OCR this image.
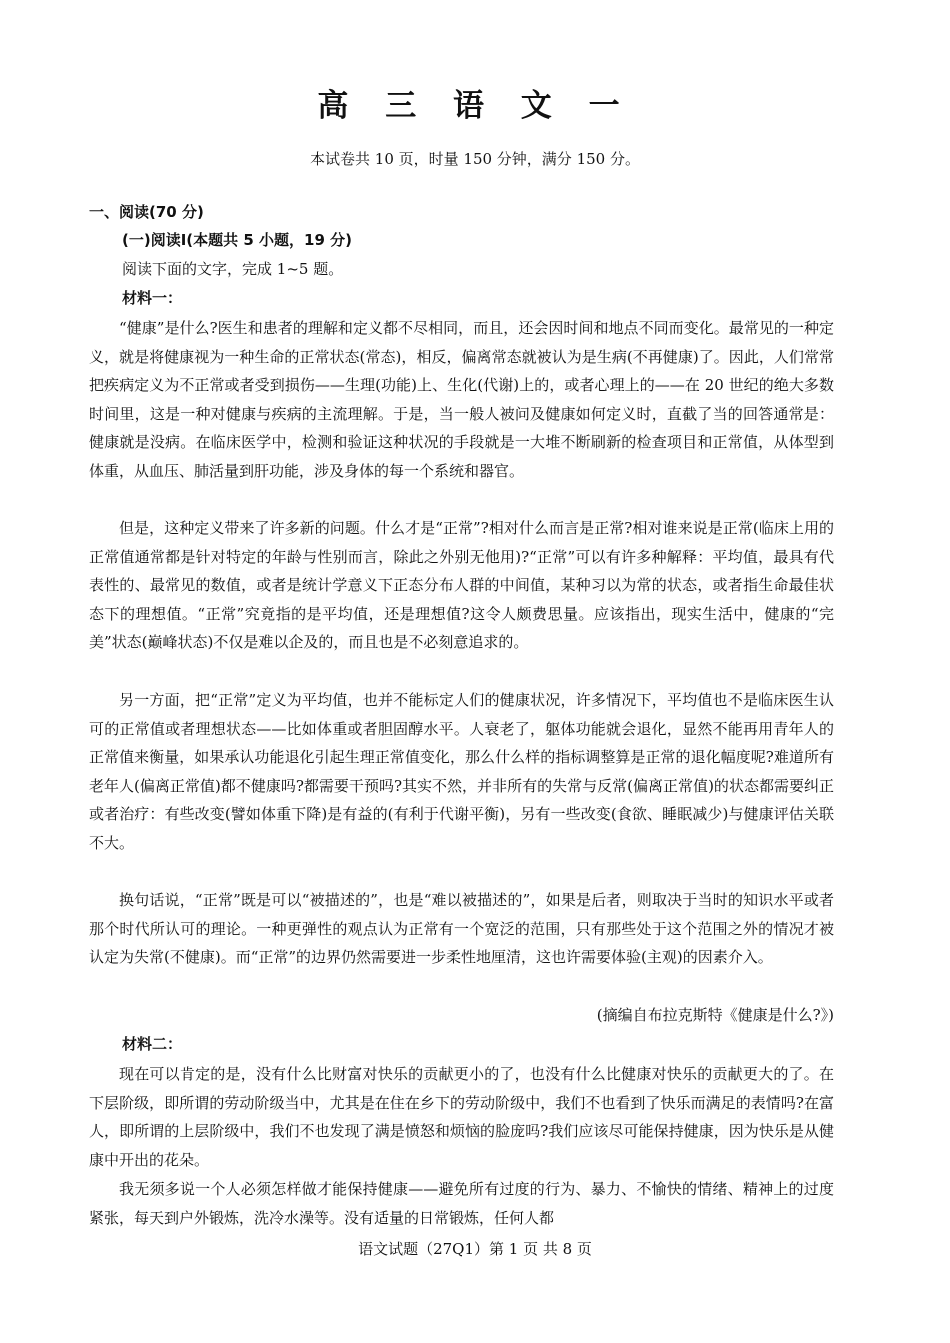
高 三 语 文 一
本试卷共 10 页，时量 150 分钟，满分 150 分。
一、阅读(70 分)
(一)阅读Ⅰ(本题共 5 小题，19 分)
阅读下面的文字，完成 1~5 题。
材料一：

“健康”是什么?医生和患者的理解和定义都不尽相同，而且，还会因时间和地点不同而变化。最常见的一种定义，就是将健康视为一种生命的正常状态(常态)，相反，偏离常态就被认为是生病(不再健康)了。因此，人们常常把疾病定义为不正常或者受到损伤——生理(功能)上、生化(代谢)上的，或者心理上的——在 20 世纪的绝大多数时间里，这是一种对健康与疾病的主流理解。于是，当一般人被问及健康如何定义时，直截了当的回答通常是：健康就是没病。在临床医学中，检测和验证这种状况的手段就是一大堆不断刷新的检查项目和正常值，从体型到体重，从血压、肺活量到肝功能，涉及身体的每一个系统和器官。

但是，这种定义带来了许多新的问题。什么才是“正常”?相对什么而言是正常?相对谁来说是正常(临床上用的正常值通常都是针对特定的年龄与性别而言，除此之外别无他用)?“正常”可以有许多种解释：平均值，最具有代表性的、最常见的数值，或者是统计学意义下正态分布人群的中间值，某种习以为常的状态，或者指生命最佳状态下的理想值。“正常”究竟指的是平均值，还是理想值?这令人颇费思量。应该指出，现实生活中，健康的“完美”状态(巅峰状态)不仅是难以企及的，而且也是不必刻意追求的。

另一方面，把“正常”定义为平均值，也并不能标定人们的健康状况，许多情况下，平均值也不是临床医生认可的正常值或者理想状态——比如体重或者胆固醇水平。人衰老了，躯体功能就会退化，显然不能再用青年人的正常值来衡量，如果承认功能退化引起生理正常值变化，那么什么样的指标调整算是正常的退化幅度呢?难道所有老年人(偏离正常值)都不健康吗?都需要干预吗?其实不然，并非所有的失常与反常(偏离正常值)的状态都需要纠正或者治疗：有些改变(譬如体重下降)是有益的(有利于代谢平衡)，另有一些改变(食欲、睡眠减少)与健康评估关联不大。

换句话说，“正常”既是可以“被描述的”，也是“难以被描述的”，如果是后者，则取决于当时的知识水平或者那个时代所认可的理论。一种更弹性的观点认为正常有一个宽泛的范围，只有那些处于这个范围之外的情况才被认定为失常(不健康)。而“正常”的边界仍然需要进一步柔性地厘清，这也许需要体验(主观)的因素介入。

(摘编自布拉克斯特《健康是什么?》)
材料二：

现在可以肯定的是，没有什么比财富对快乐的贡献更小的了，也没有什么比健康对快乐的贡献更大的了。在下层阶级，即所谓的劳动阶级当中，尤其是在住在乡下的劳动阶级中，我们不也看到了快乐而满足的表情吗?在富人，即所谓的上层阶级中，我们不也发现了满是愤怒和烦恼的脸庞吗?我们应该尽可能保持健康，因为快乐是从健康中开出的花朵。

我无须多说一个人必须怎样做才能保持健康——避免所有过度的行为、暴力、不愉快的情绪、精神上的过度紧张，每天到户外锻炼，洗冷水澡等。没有适量的日常锻炼，任何人都

语文试题（27Q1）第 1 页 共 8 页
